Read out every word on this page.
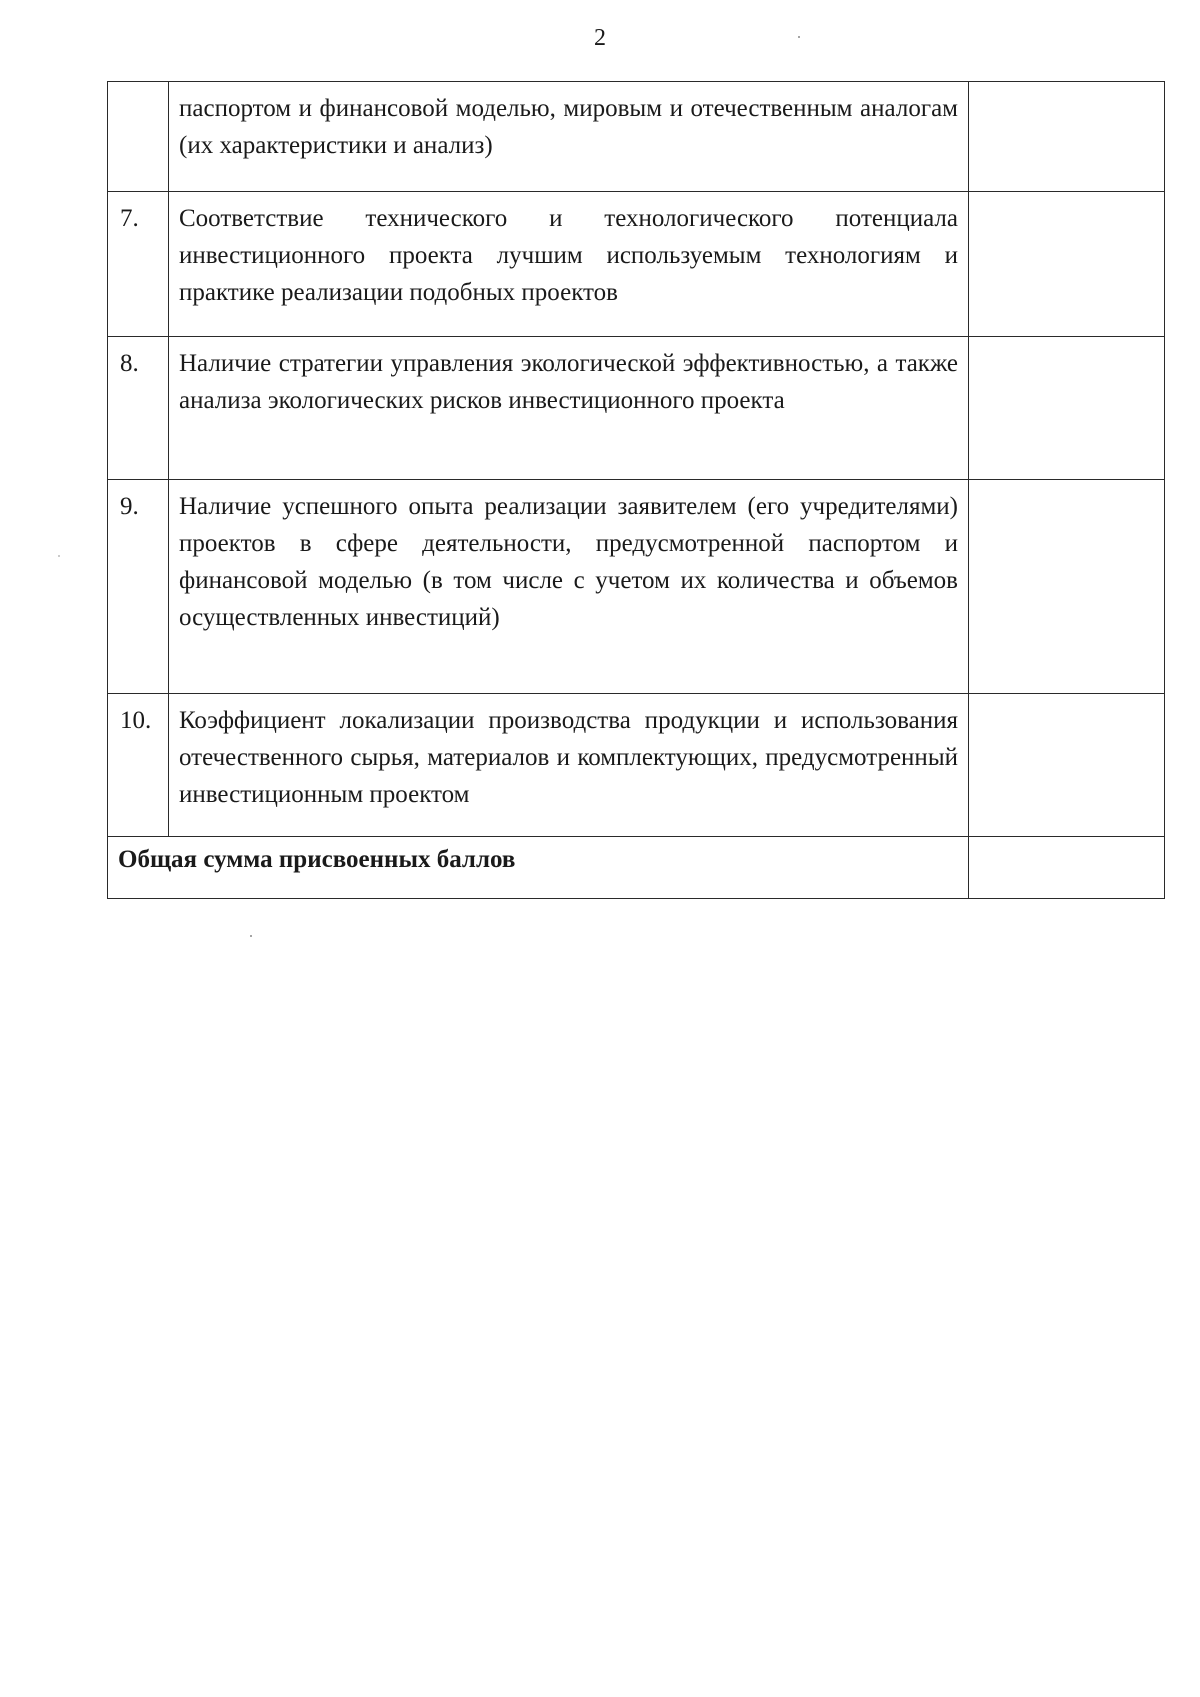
2

	паспортом и финансовой моделью, мировым и отечественным аналогам (их характеристики и анализ)	

7.	Соответствие технического и технологического потенциала инвестиционного проекта лучшим используемым технологиям и практике реализации подобных проектов	

8.	Наличие стратегии управления экологической эффективностью, а также анализа экологических рисков инвестиционного проекта	

9.	Наличие успешного опыта реализации заявителем (его учредителями) проектов в сфере деятельности, предусмотренной паспортом и финансовой моделью (в том числе с учетом их количества и объемов осуществленных инвестиций)	

10.	Коэффициент локализации производства продукции и использования отечественного сырья, материалов и комплектующих, предусмотренный инвестиционным проектом	

Общая сумма присвоенных баллов		
